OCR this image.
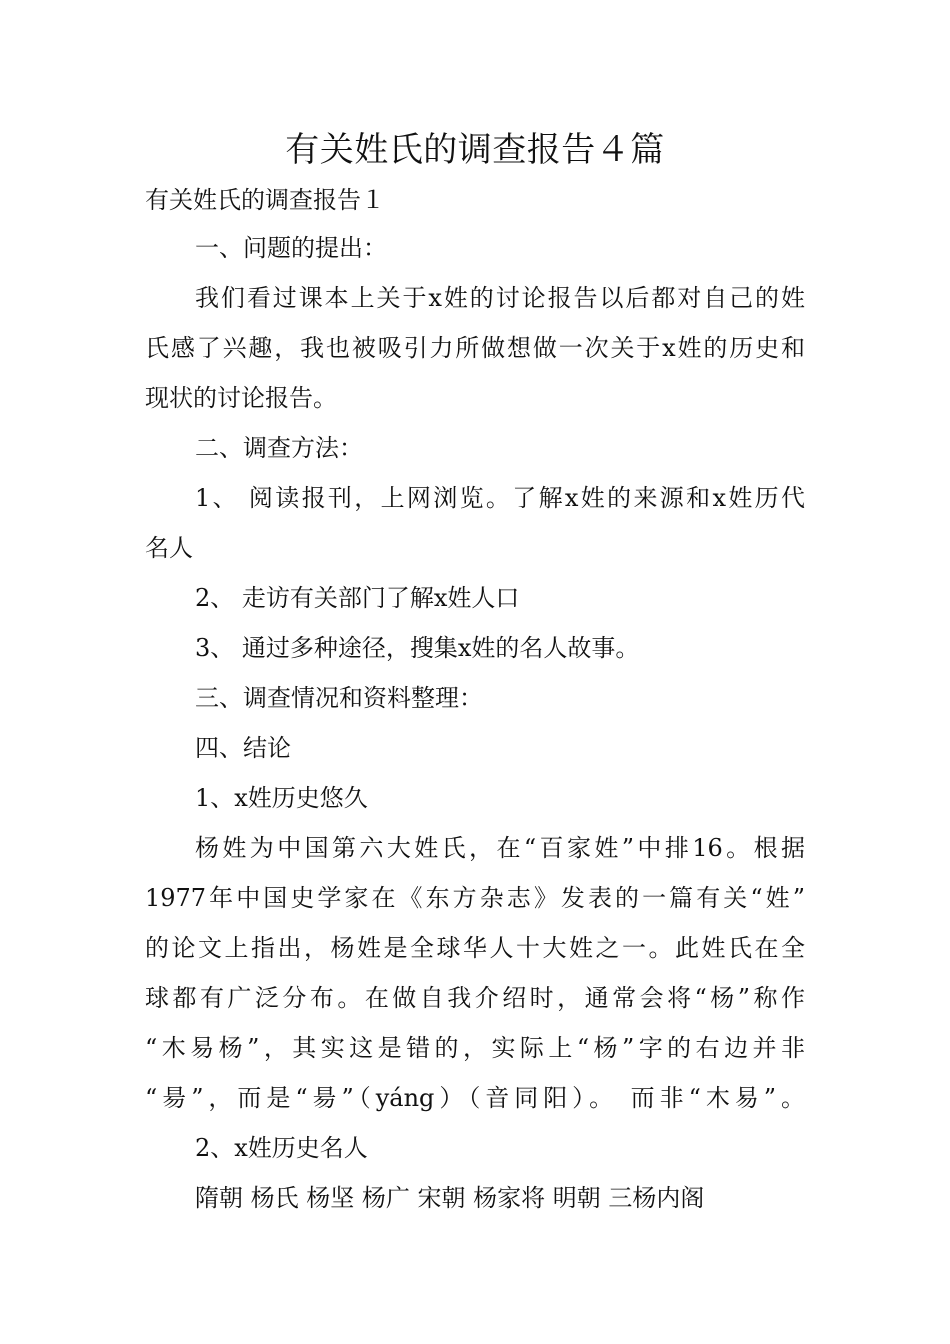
有关姓氏的调查报告４篇
有关姓氏的调查报告１
一、问题的提出：
我们看过课本上关于x姓的讨论报告以后都对自己的姓
氏感了兴趣，我也被吸引力所做想做一次关于x姓的历史和
现状的讨论报告。
二、调查方法：
1、 阅读报刊，上网浏览。了解x姓的来源和x姓历代
名人
2、 走访有关部门了解x姓人口
3、 通过多种途径，搜集x姓的名人故事。
三、调查情况和资料整理：
四、结论
1、x姓历史悠久
杨姓为中国第六大姓氏，在“百家姓”中排16。根据
1977年中国史学家在《东方杂志》发表的一篇有关“姓”
的论文上指出，杨姓是全球华人十大姓之一。此姓氏在全
球都有广泛分布。在做自我介绍时，通常会将“杨”称作
“木易杨”，其实这是错的，实际上“杨”字的右边并非
“昜”，而是“昜”（yáng）（音同阳）。 而非“木易”。
2、x姓历史名人
隋朝 杨氏 杨坚 杨广 宋朝 杨家将 明朝 三杨内阁
